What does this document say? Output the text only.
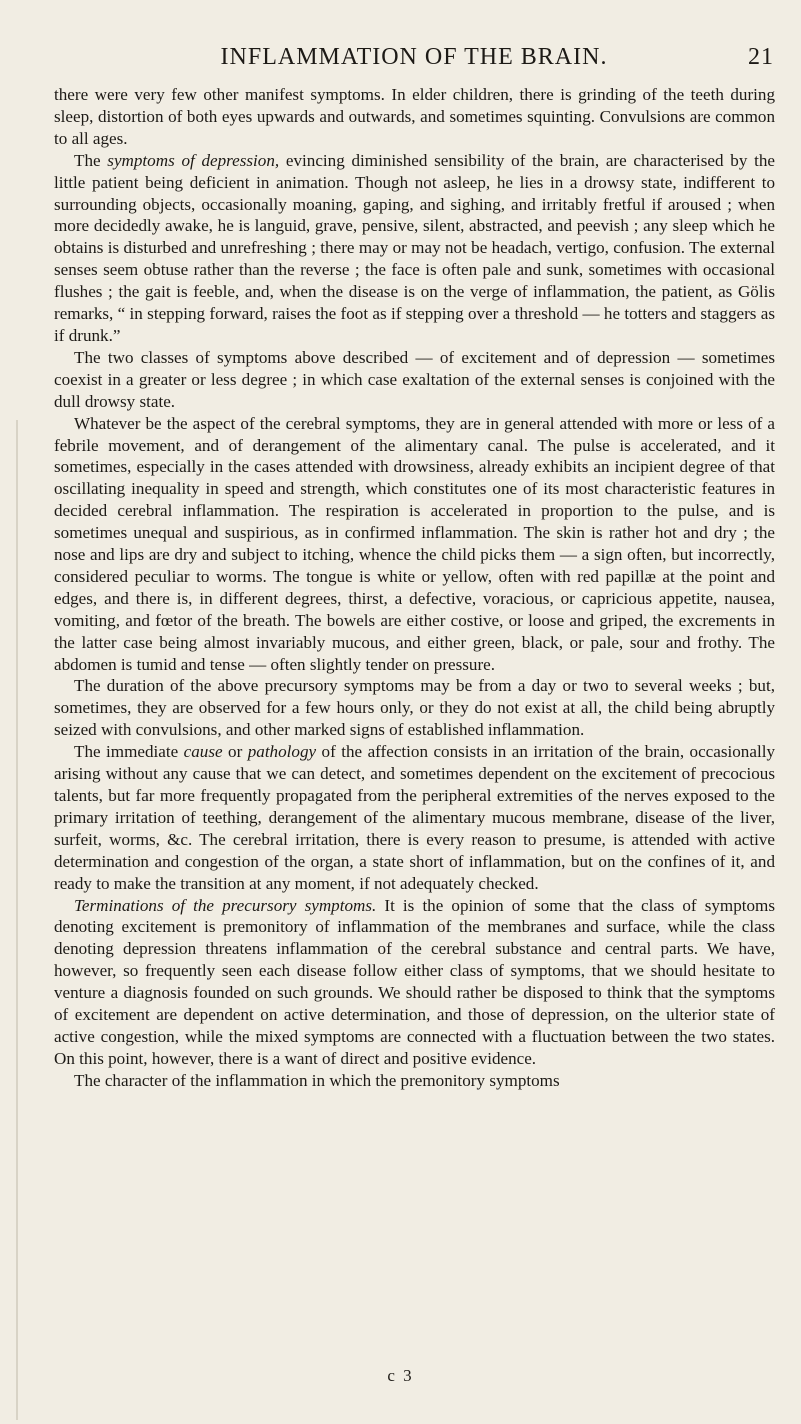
INFLAMMATION OF THE BRAIN.	21

there were very few other manifest symptoms. In elder children, there is grinding of the teeth during sleep, distortion of both eyes upwards and outwards, and sometimes squinting. Convulsions are common to all ages.

The symptoms of depression, evincing diminished sensibility of the brain, are characterised by the little patient being deficient in animation. Though not asleep, he lies in a drowsy state, indifferent to surrounding objects, occasionally moaning, gaping, and sighing, and irritably fretful if aroused ; when more decidedly awake, he is languid, grave, pensive, silent, abstracted, and peevish ; any sleep which he obtains is disturbed and unrefreshing ; there may or may not be headach, vertigo, confusion. The external senses seem obtuse rather than the reverse ; the face is often pale and sunk, sometimes with occasional flushes ; the gait is feeble, and, when the disease is on the verge of inflammation, the patient, as Gölis remarks, “ in stepping forward, raises the foot as if stepping over a threshold — he totters and staggers as if drunk.”

The two classes of symptoms above described — of excitement and of depression — sometimes coexist in a greater or less degree ; in which case exaltation of the external senses is conjoined with the dull drowsy state.

Whatever be the aspect of the cerebral symptoms, they are in general attended with more or less of a febrile movement, and of derangement of the alimentary canal. The pulse is accelerated, and it sometimes, especially in the cases attended with drowsiness, already exhibits an incipient degree of that oscillating inequality in speed and strength, which constitutes one of its most characteristic features in decided cerebral inflammation. The respiration is accelerated in proportion to the pulse, and is sometimes unequal and suspirious, as in confirmed inflammation. The skin is rather hot and dry ; the nose and lips are dry and subject to itching, whence the child picks them — a sign often, but incorrectly, considered peculiar to worms. The tongue is white or yellow, often with red papillæ at the point and edges, and there is, in different degrees, thirst, a defective, voracious, or capricious appetite, nausea, vomiting, and fœtor of the breath. The bowels are either costive, or loose and griped, the excrements in the latter case being almost invariably mucous, and either green, black, or pale, sour and frothy. The abdomen is tumid and tense — often slightly tender on pressure.

The duration of the above precursory symptoms may be from a day or two to several weeks ; but, sometimes, they are observed for a few hours only, or they do not exist at all, the child being abruptly seized with convulsions, and other marked signs of established inflammation.

The immediate cause or pathology of the affection consists in an irritation of the brain, occasionally arising without any cause that we can detect, and sometimes dependent on the excitement of precocious talents, but far more frequently propagated from the peripheral extremities of the nerves exposed to the primary irritation of teething, derangement of the alimentary mucous membrane, disease of the liver, surfeit, worms, &c. The cerebral irritation, there is every reason to presume, is attended with active determination and congestion of the organ, a state short of inflammation, but on the confines of it, and ready to make the transition at any moment, if not adequately checked.

Terminations of the precursory symptoms. It is the opinion of some that the class of symptoms denoting excitement is premonitory of inflammation of the membranes and surface, while the class denoting depression threatens inflammation of the cerebral substance and central parts. We have, however, so frequently seen each disease follow either class of symptoms, that we should hesitate to venture a diagnosis founded on such grounds. We should rather be disposed to think that the symptoms of excitement are dependent on active determination, and those of depression, on the ulterior state of active congestion, while the mixed symptoms are connected with a fluctuation between the two states. On this point, however, there is a want of direct and positive evidence.

The character of the inflammation in which the premonitory symptoms

c 3
